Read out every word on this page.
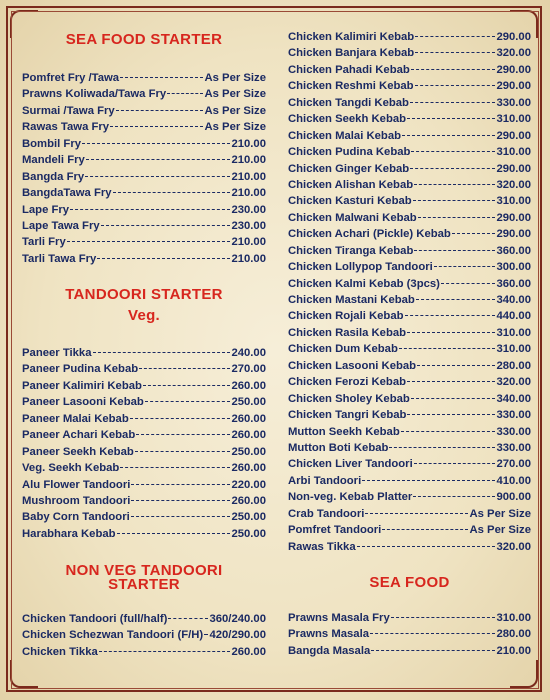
SEA FOOD STARTER
Pomfret Fry /Tawa	As Per Size
Prawns Koliwada/Tawa Fry	As Per Size
Surmai /Tawa Fry	As Per Size
Rawas Tawa Fry	As Per Size
Bombil Fry	210.00
Mandeli Fry	210.00
Bangda Fry	210.00
BangdaTawa Fry	210.00
Lape Fry	230.00
Lape Tawa Fry	230.00
Tarli Fry	210.00
Tarli Tawa Fry	210.00
TANDOORI STARTER
Veg.
Paneer Tikka	240.00
Paneer Pudina Kebab	270.00
Paneer Kalimiri Kebab	260.00
Paneer Lasooni Kebab	250.00
Paneer Malai Kebab	260.00
Paneer Achari Kebab	260.00
Paneer Seekh Kebab	250.00
Veg. Seekh Kebab	260.00
Alu Flower Tandoori	220.00
Mushroom Tandoori	260.00
Baby Corn Tandoori	250.00
Harabhara Kebab	250.00
NON VEG TANDOORI
STARTER
Chicken Tandoori (full/half)	360/240.00
Chicken Schezwan Tandoori (F/H) 420/290.00
Chicken Tikka	260.00
Chicken Kalimiri Kebab	290.00
Chicken Banjara Kebab	320.00
Chicken Pahadi Kebab	290.00
Chicken Reshmi Kebab	290.00
Chicken Tangdi Kebab	330.00
Chicken Seekh Kebab	310.00
Chicken Malai Kebab	290.00
Chicken Pudina Kebab	310.00
Chicken Ginger Kebab	290.00
Chicken Alishan Kebab	320.00
Chicken Kasturi Kebab	310.00
Chicken Malwani Kebab	290.00
Chicken Achari (Pickle) Kebab	290.00
Chicken Tiranga Kebab	360.00
Chicken Lollypop Tandoori	300.00
Chicken Kalmi Kebab (3pcs)	360.00
Chicken Mastani Kebab	340.00
Chicken Rojali Kebab	440.00
Chicken Rasila Kebab	310.00
Chicken Dum Kebab	310.00
Chicken Lasooni Kebab	280.00
Chicken Ferozi Kebab	320.00
Chicken Sholey Kebab	340.00
Chicken Tangri Kebab	330.00
Mutton Seekh Kebab	330.00
Mutton Boti Kebab	330.00
Chicken Liver Tandoori	270.00
Arbi Tandoori	410.00
Non-veg. Kebab Platter	900.00
Crab Tandoori	As Per Size
Pomfret Tandoori	As Per Size
Rawas Tikka	320.00
SEA FOOD
Prawns Masala Fry	310.00
Prawns Masala	280.00
Bangda Masala	210.00
